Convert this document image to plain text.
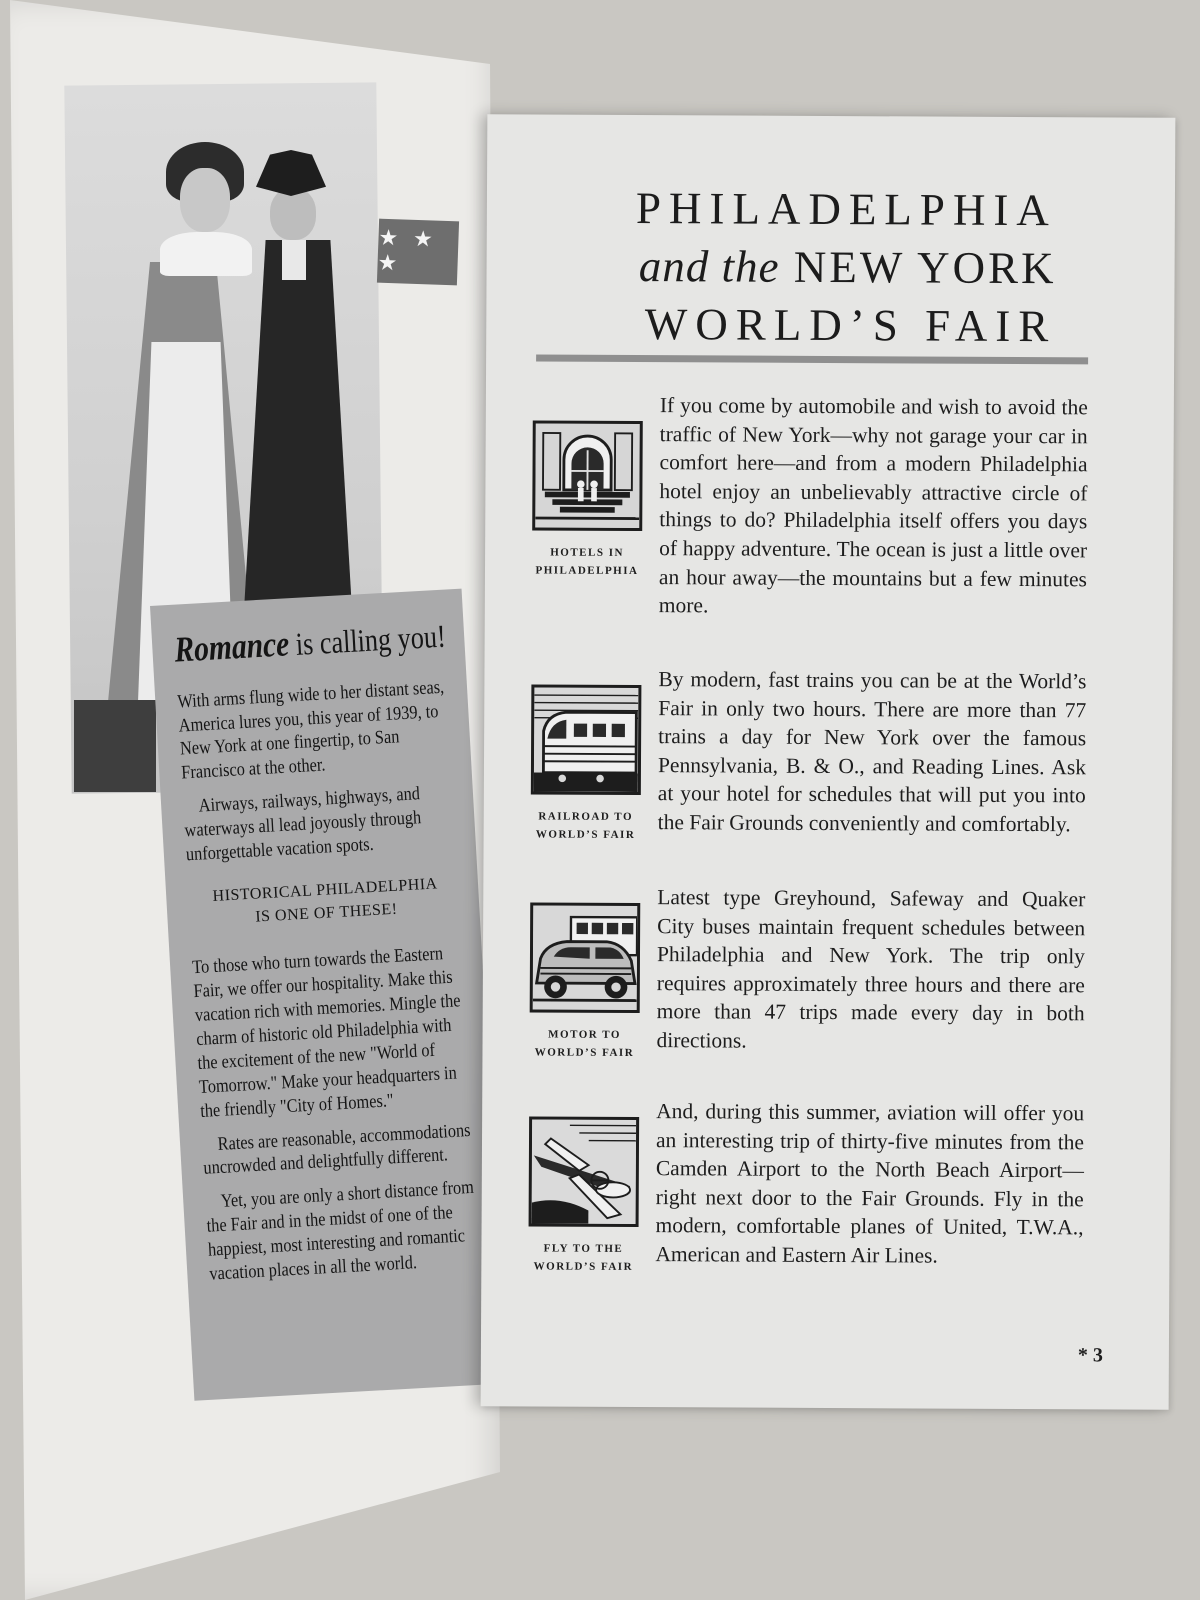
★ ★ ★
Romance is calling you!

With arms flung wide to her distant seas, America lures you, this year of 1939, to New York at one fingertip, to San Francisco at the other.

Airways, railways, highways, and waterways all lead joyously through unforgettable vacation spots.

HISTORICAL PHILADELPHIA
IS ONE OF THESE!

To those who turn towards the Eastern Fair, we offer our hospitality. Make this vacation rich with memories. Mingle the charm of historic old Philadelphia with the excitement of the new "World of Tomorrow." Make your headquarters in the friendly "City of Homes."

Rates are reasonable, accommodations uncrowded and delightfully different.

Yet, you are only a short distance from the Fair and in the midst of one of the happiest, most interesting and romantic vacation places in all the world.

PHILADELPHIA
and the NEW YORK
WORLD’S FAIR
HOTELS IN
PHILADELPHIA

If you come by automobile and wish to avoid the traffic of New York—why not garage your car in comfort here—and from a modern Philadelphia hotel enjoy an unbelievably attractive circle of things to do? Philadelphia itself offers you days of happy adventure. The ocean is just a little over an hour away—the mountains but a few minutes more.

RAILROAD TO
WORLD’S FAIR

By modern, fast trains you can be at the World’s Fair in only two hours. There are more than 77 trains a day for New York over the famous Pennsylvania, B. & O., and Reading Lines. Ask at your hotel for schedules that will put you into the Fair Grounds conveniently and comfortably.

MOTOR TO
WORLD’S FAIR

Latest type Greyhound, Safeway and Quaker City buses maintain frequent schedules between Philadelphia and New York. The trip only requires approximately three hours and there are more than 47 trips made every day in both directions.

FLY TO THE
WORLD’S FAIR

And, during this summer, aviation will offer you an interesting trip of thirty-five minutes from the Camden Airport to the North Beach Airport—right next door to the Fair Grounds. Fly in the modern, comfortable planes of United, T.W.A., American and Eastern Air Lines.

* 3
